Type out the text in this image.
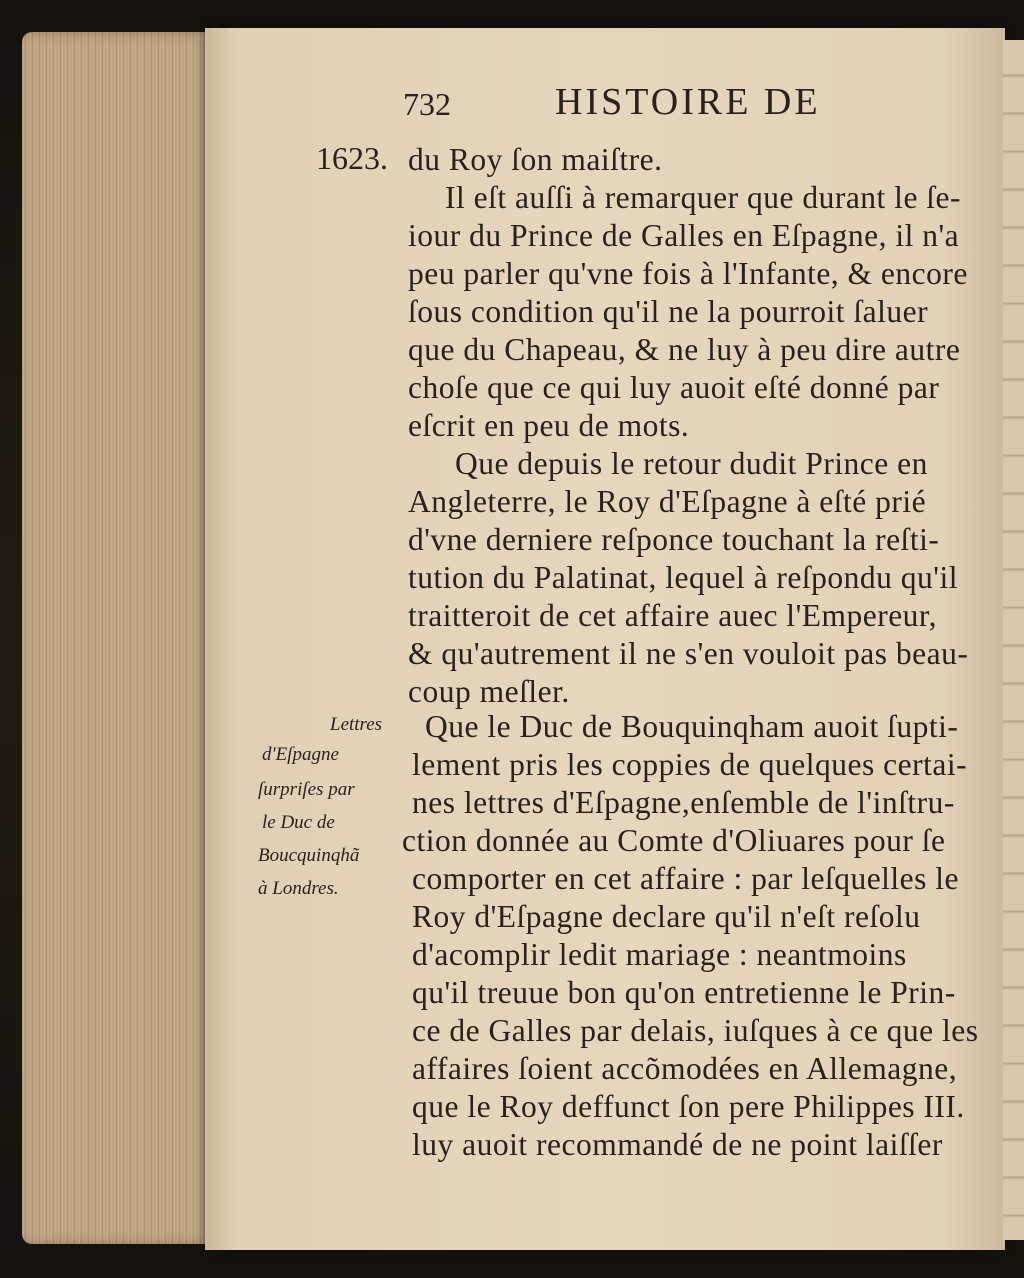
732	HISTOIRE DE
1623. du Roy ſon maiſtre.
Il eſt auſſi à remarquer que durant le ſe-
iour du Prince de Galles en Eſpagne, il n'a
peu parler qu'vne fois à l'Infante, & encore
ſous condition qu'il ne la pourroit ſaluer
que du Chapeau, & ne luy à peu dire autre
choſe que ce qui luy auoit eſté donné par
eſcrit en peu de mots.
Que depuis le retour dudit Prince en
Angleterre, le Roy d'Eſpagne à eſté prié
d'vne derniere reſponce touchant la reſti-
tution du Palatinat, lequel à reſpondu qu'il
traitteroit de cet affaire auec l'Empereur,
& qu'autrement il ne s'en vouloit pas beau-
coup meſler.
Que le Duc de Bouquinqham auoit ſupti-
lement pris les coppies de quelques certai-
nes lettres d'Eſpagne,enſemble de l'inſtru-
ction donnée au Comte d'Oliuares pour ſe
comporter en cet affaire : par leſquelles le
Roy d'Eſpagne declare qu'il n'eſt reſolu
d'acomplir ledit mariage : neantmoins
qu'il treuue bon qu'on entretienne le Prin-
ce de Galles par delais, iuſques à ce que les
affaires ſoient accõmodées en Allemagne,
que le Roy deffunct ſon pere Philippes III.
luy auoit recommandé de ne point laiſſer
Lettres
d'Eſpagne
ſurpriſes par
le Duc de
Boucquinqhã
à Londres.
